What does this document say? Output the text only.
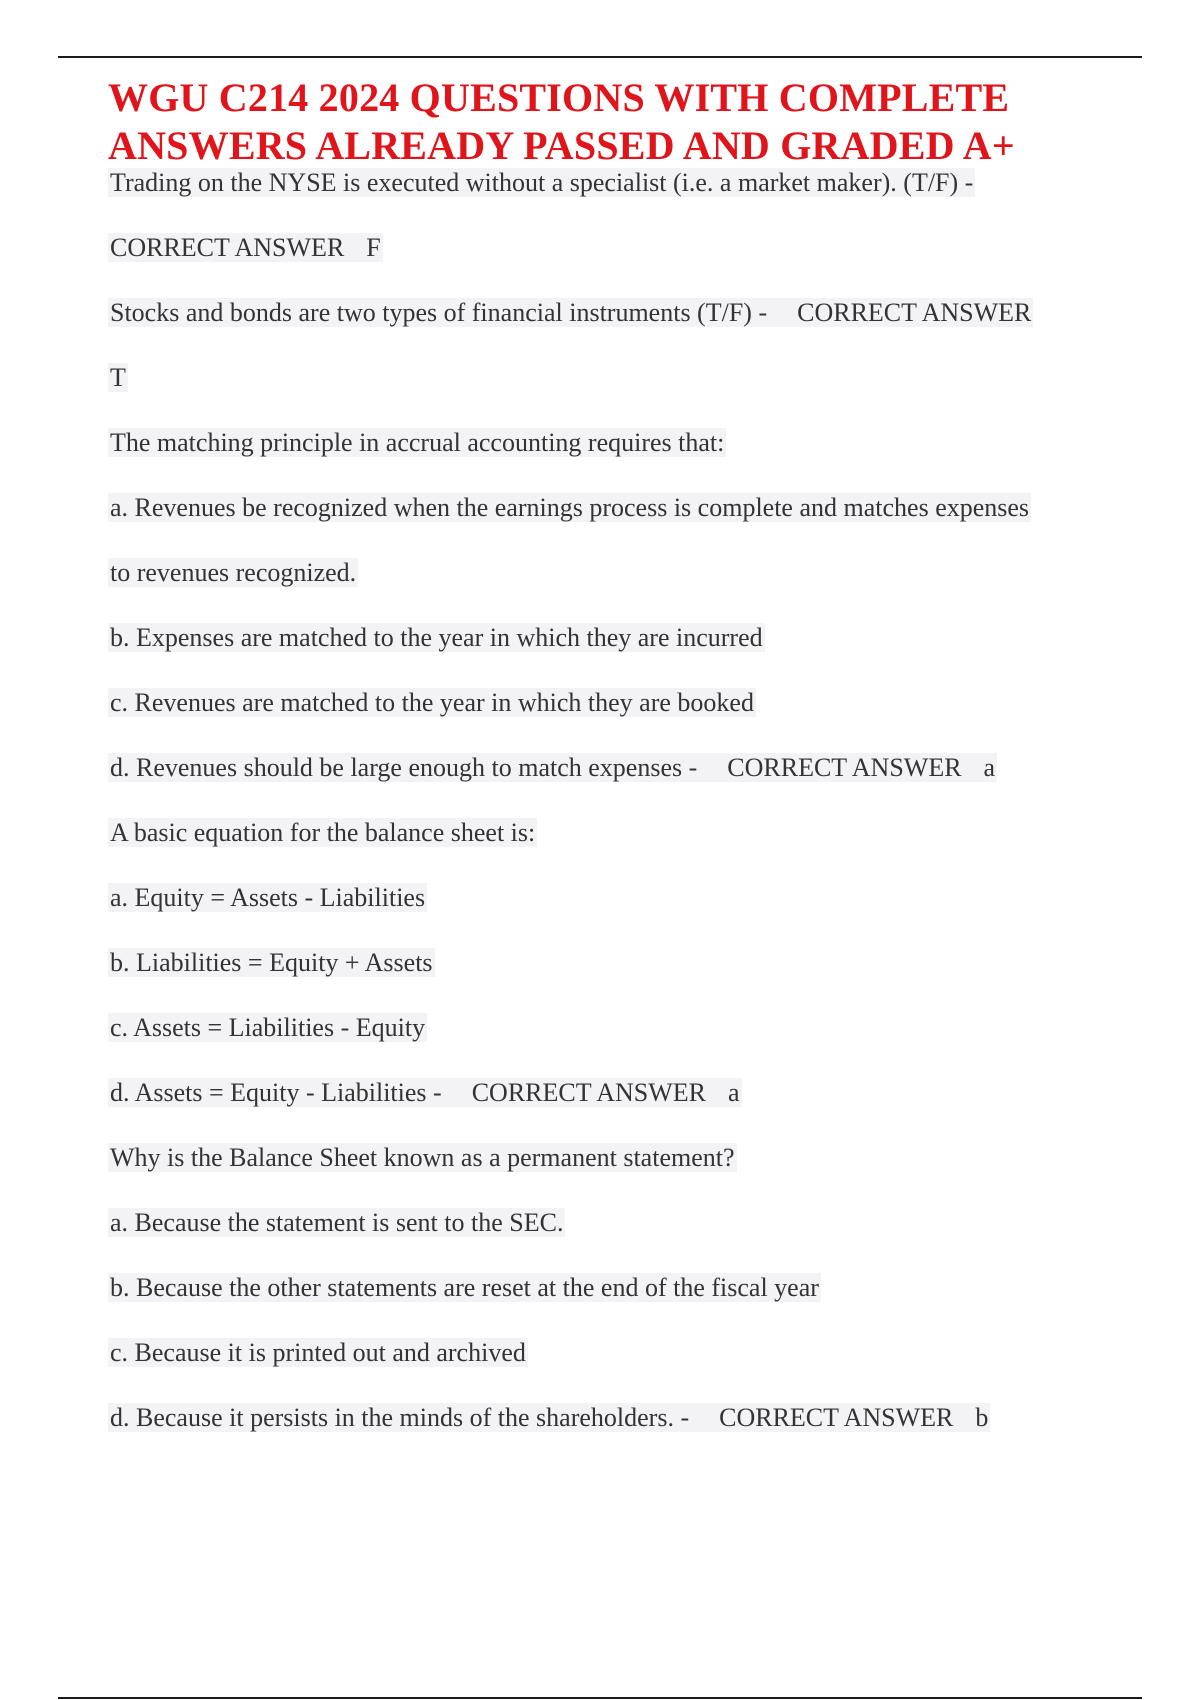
WGU C214 2024 QUESTIONS WITH COMPLETE
ANSWERS ALREADY PASSED AND GRADED A+
Trading on the NYSE is executed without a specialist (i.e. a market maker). (T/F) -
CORRECT ANSWER F
Stocks and bonds are two types of financial instruments (T/F) - CORRECT ANSWER
T
The matching principle in accrual accounting requires that:
a. Revenues be recognized when the earnings process is complete and matches expenses
to revenues recognized.
b. Expenses are matched to the year in which they are incurred
c. Revenues are matched to the year in which they are booked
d. Revenues should be large enough to match expenses - CORRECT ANSWER a
A basic equation for the balance sheet is:
a. Equity = Assets - Liabilities
b. Liabilities = Equity + Assets
c. Assets = Liabilities - Equity
d. Assets = Equity - Liabilities - CORRECT ANSWER a
Why is the Balance Sheet known as a permanent statement?
a. Because the statement is sent to the SEC.
b. Because the other statements are reset at the end of the fiscal year
c. Because it is printed out and archived
d. Because it persists in the minds of the shareholders. - CORRECT ANSWER b
